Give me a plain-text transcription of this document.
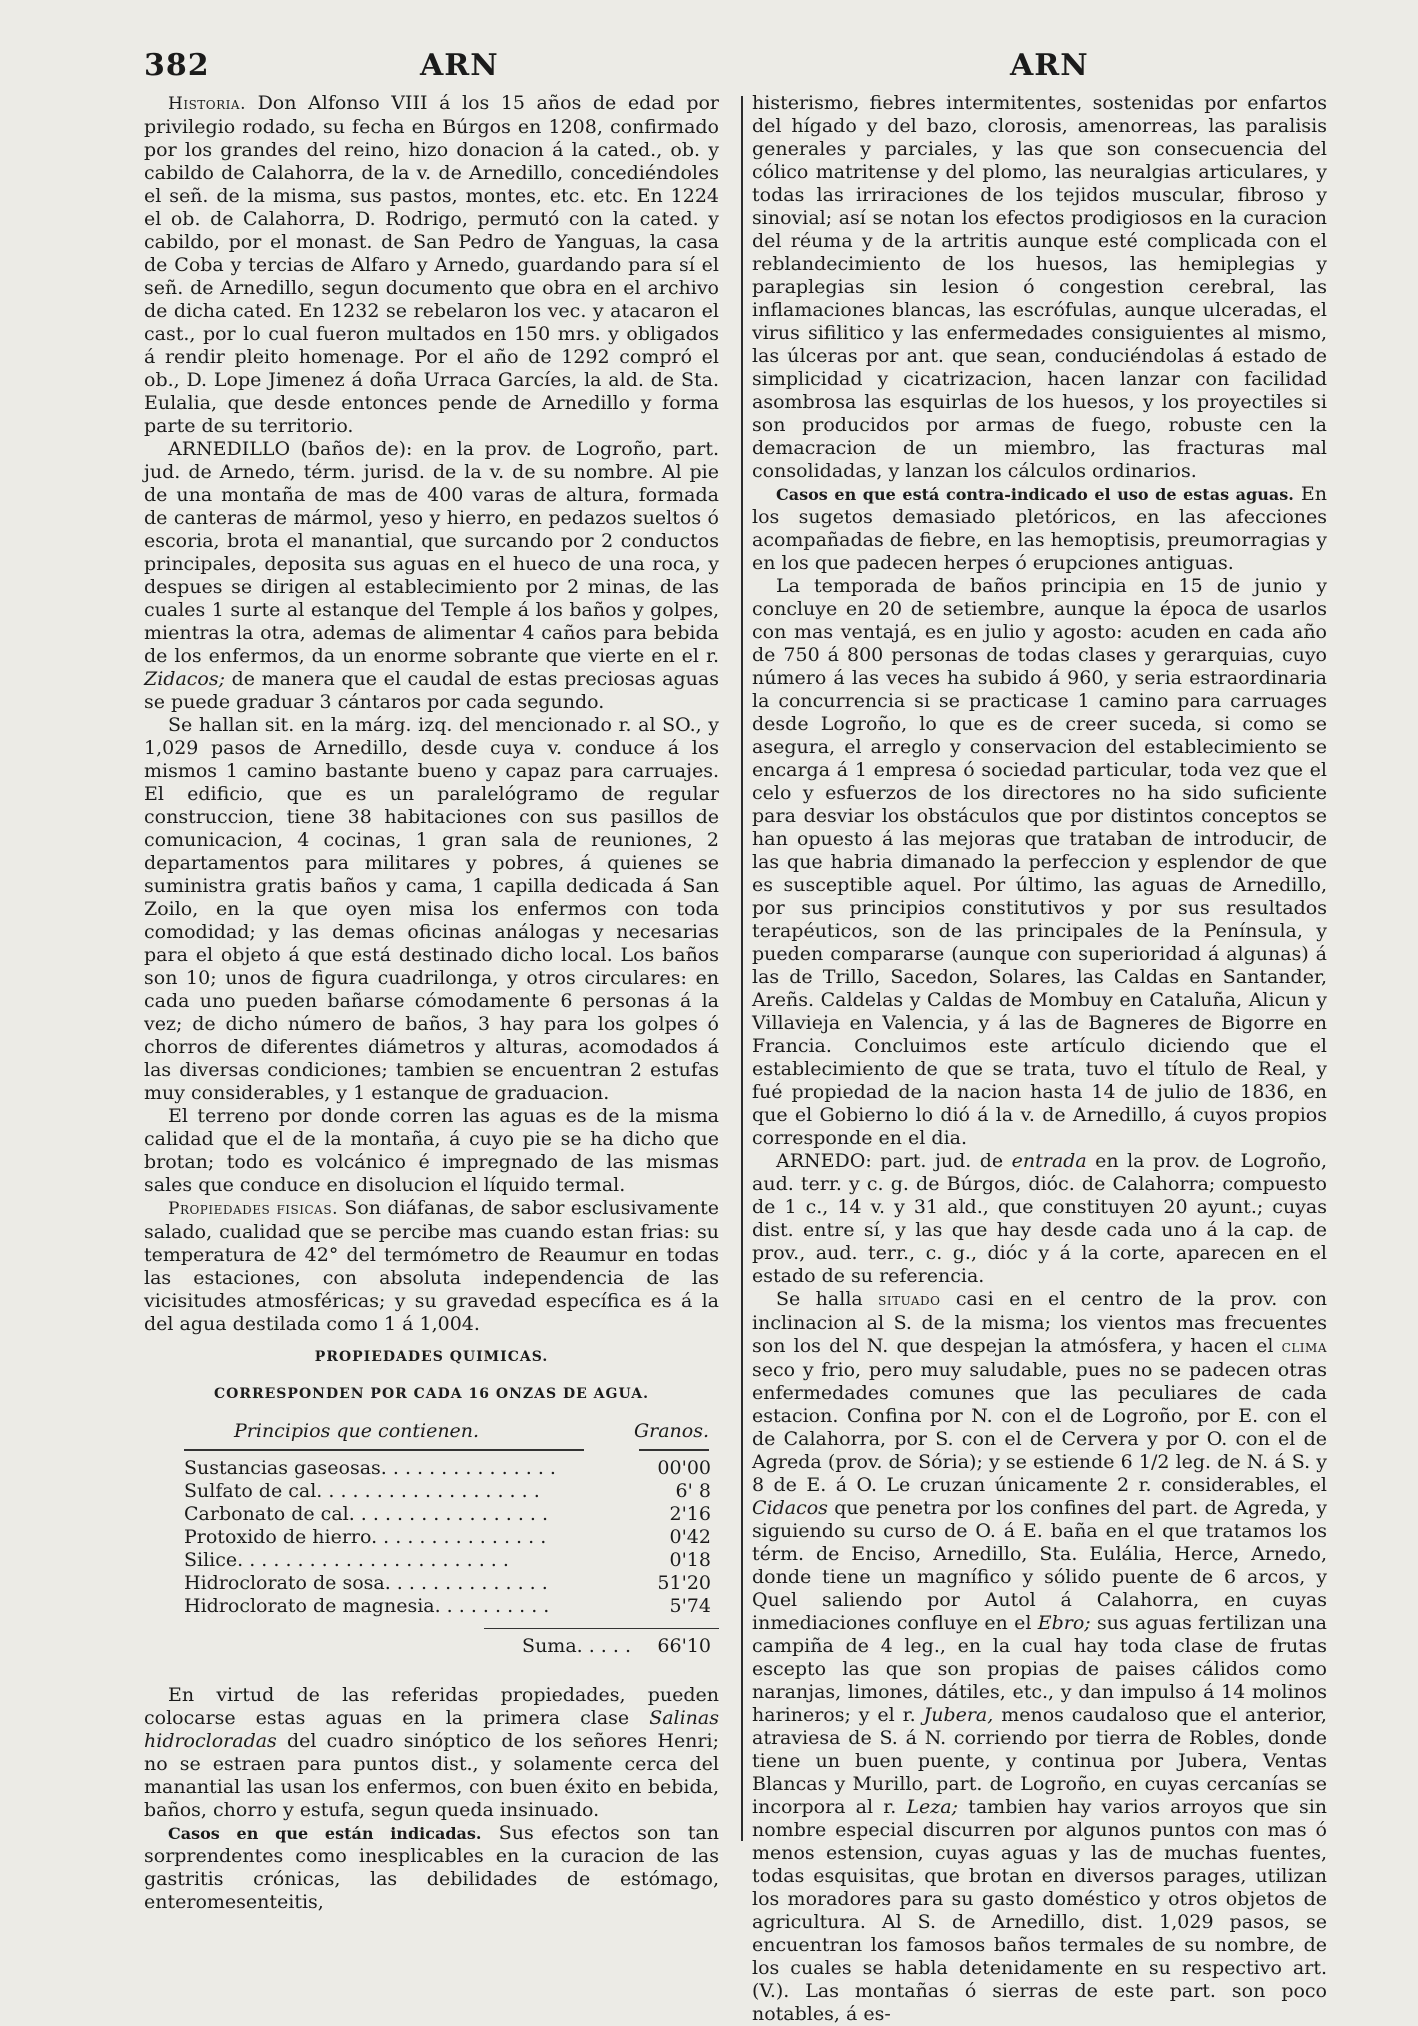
382	ARN	ARN

Historia. Don Alfonso VIII á los 15 años de edad por privilegio rodado, su fecha en Búrgos en 1208, confirmado por los grandes del reino, hizo donacion á la cated., ob. y cabildo de Calahorra, de la v. de Arnedillo, concediéndoles el señ. de la misma, sus pastos, montes, etc. etc. En 1224 el ob. de Calahorra, D. Rodrigo, permutó con la cated. y cabildo, por el monast. de San Pedro de Yanguas, la casa de Coba y tercias de Alfaro y Arnedo, guardando para sí el señ. de Arnedillo, segun documento que obra en el archivo de dicha cated. En 1232 se rebelaron los vec. y atacaron el cast., por lo cual fueron multados en 150 mrs. y obligados á rendir pleito homenage. Por el año de 1292 compró el ob., D. Lope Jimenez á doña Urraca Garcíes, la ald. de Sta. Eulalia, que desde entonces pende de Arnedillo y forma parte de su territorio.

ARNEDILLO (baños de): en la prov. de Logroño, part. jud. de Arnedo, térm. jurisd. de la v. de su nombre. Al pie de una montaña de mas de 400 varas de altura, formada de canteras de mármol, yeso y hierro, en pedazos sueltos ó escoria, brota el manantial, que surcando por 2 conductos principales, deposita sus aguas en el hueco de una roca, y despues se dirigen al establecimiento por 2 minas, de las cuales 1 surte al estanque del Temple á los baños y golpes, mientras la otra, ademas de alimentar 4 caños para bebida de los enfermos, da un enorme sobrante que vierte en el r. Zidacos; de manera que el caudal de estas preciosas aguas se puede graduar 3 cántaros por cada segundo.

Se hallan sit. en la márg. izq. del mencionado r. al SO., y 1,029 pasos de Arnedillo, desde cuya v. conduce á los mismos 1 camino bastante bueno y capaz para carruajes. El edificio, que es un paralelógramo de regular construccion, tiene 38 habitaciones con sus pasillos de comunicacion, 4 cocinas, 1 gran sala de reuniones, 2 departamentos para militares y pobres, á quienes se suministra gratis baños y cama, 1 capilla dedicada á San Zoilo, en la que oyen misa los enfermos con toda comodidad; y las demas oficinas análogas y necesarias para el objeto á que está destinado dicho local. Los baños son 10; unos de figura cuadrilonga, y otros circulares: en cada uno pueden bañarse cómodamente 6 personas á la vez; de dicho número de baños, 3 hay para los golpes ó chorros de diferentes diámetros y alturas, acomodados á las diversas condiciones; tambien se encuentran 2 estufas muy considerables, y 1 estanque de graduacion.

El terreno por donde corren las aguas es de la misma calidad que el de la montaña, á cuyo pie se ha dicho que brotan; todo es volcánico é impregnado de las mismas sales que conduce en disolucion el líquido termal.

Propiedades fisicas. Son diáfanas, de sabor esclusivamente salado, cualidad que se percibe mas cuando estan frias: su temperatura de 42° del termómetro de Reaumur en todas las estaciones, con absoluta independencia de las vicisitudes atmosféricas; y su gravedad específica es á la del agua destilada como 1 á 1,004.

PROPIEDADES QUIMICAS.
CORRESPONDEN POR CADA 16 ONZAS DE AGUA.
Principios que contienen.	Granos.
Sustancias gaseosas. . . . . . . . . . . . . . .	00'00
Sulfato de cal. . . . . . . . . . . . . . . . . . .	6' 8
Carbonato de cal. . . . . . . . . . . . . . . . .	2'16
Protoxido de hierro. . . . . . . . . . . . . . .	0'42
Silice. . . . . . . . . . . . . . . . . . . . . . .	0'18
Hidroclorato de sosa. . . . . . . . . . . . . .	51'20
Hidroclorato de magnesia. . . . . . . . . .	5'74
Suma. . . . .	66'10

En virtud de las referidas propiedades, pueden colocarse estas aguas en la primera clase Salinas hidrocloradas del cuadro sinóptico de los señores Henri; no se estraen para puntos dist., y solamente cerca del manantial las usan los enfermos, con buen éxito en bebida, baños, chorro y estufa, segun queda insinuado.

Casos en que están indicadas. Sus efectos son tan sorprendentes como inesplicables en la curacion de las gastritis crónicas, las debilidades de estómago, enteromesenteitis,

histerismo, fiebres intermitentes, sostenidas por enfartos del hígado y del bazo, clorosis, amenorreas, las paralisis generales y parciales, y las que son consecuencia del cólico matritense y del plomo, las neuralgias articulares, y todas las irriraciones de los tejidos muscular, fibroso y sinovial; así se notan los efectos prodigiosos en la curacion del réuma y de la artritis aunque esté complicada con el reblandecimiento de los huesos, las hemiplegias y paraplegias sin lesion ó congestion cerebral, las inflamaciones blancas, las escrófulas, aunque ulceradas, el virus sifilitico y las enfermedades consiguientes al mismo, las úlceras por ant. que sean, conduciéndolas á estado de simplicidad y cicatrizacion, hacen lanzar con facilidad asombrosa las esquirlas de los huesos, y los proyectiles si son producidos por armas de fuego, robuste cen la demacracion de un miembro, las fracturas mal consolidadas, y lanzan los cálculos ordinarios.

Casos en que está contra-indicado el uso de estas aguas. En los sugetos demasiado pletóricos, en las afecciones acompañadas de fiebre, en las hemoptisis, preumorragias y en los que padecen herpes ó erupciones antiguas.

La temporada de baños principia en 15 de junio y concluye en 20 de setiembre, aunque la época de usarlos con mas ventajá, es en julio y agosto: acuden en cada año de 750 á 800 personas de todas clases y gerarquias, cuyo número á las veces ha subido á 960, y seria estraordinaria la concurrencia si se practicase 1 camino para carruages desde Logroño, lo que es de creer suceda, si como se asegura, el arreglo y conservacion del establecimiento se encarga á 1 empresa ó sociedad particular, toda vez que el celo y esfuerzos de los directores no ha sido suficiente para desviar los obstáculos que por distintos conceptos se han opuesto á las mejoras que trataban de introducir, de las que habria dimanado la perfeccion y esplendor de que es susceptible aquel. Por último, las aguas de Arnedillo, por sus principios constitutivos y por sus resultados terapéuticos, son de las principales de la Península, y pueden compararse (aunque con superioridad á algunas) á las de Trillo, Sacedon, Solares, las Caldas en Santander, Areñs. Caldelas y Caldas de Mombuy en Cataluña, Alicun y Villavieja en Valencia, y á las de Bagneres de Bigorre en Francia. Concluimos este artículo diciendo que el establecimiento de que se trata, tuvo el título de Real, y fué propiedad de la nacion hasta 14 de julio de 1836, en que el Gobierno lo dió á la v. de Arnedillo, á cuyos propios corresponde en el dia.

ARNEDO: part. jud. de entrada en la prov. de Logroño, aud. terr. y c. g. de Búrgos, dióc. de Calahorra; compuesto de 1 c., 14 v. y 31 ald., que constituyen 20 ayunt.; cuyas dist. entre sí, y las que hay desde cada uno á la cap. de prov., aud. terr., c. g., dióc y á la corte, aparecen en el estado de su referencia.

Se halla situado casi en el centro de la prov. con inclinacion al S. de la misma; los vientos mas frecuentes son los del N. que despejan la atmósfera, y hacen el clima seco y frio, pero muy saludable, pues no se padecen otras enfermedades comunes que las peculiares de cada estacion. Confina por N. con el de Logroño, por E. con el de Calahorra, por S. con el de Cervera y por O. con el de Agreda (prov. de Sória); y se estiende 6 1/2 leg. de N. á S. y 8 de E. á O. Le cruzan únicamente 2 r. considerables, el Cidacos que penetra por los confines del part. de Agreda, y siguiendo su curso de O. á E. baña en el que tratamos los térm. de Enciso, Arnedillo, Sta. Eulália, Herce, Arnedo, donde tiene un magnífico y sólido puente de 6 arcos, y Quel saliendo por Autol á Calahorra, en cuyas inmediaciones confluye en el Ebro; sus aguas fertilizan una campiña de 4 leg., en la cual hay toda clase de frutas escepto las que son propias de paises cálidos como naranjas, limones, dátiles, etc., y dan impulso á 14 molinos harineros; y el r. Jubera, menos caudaloso que el anterior, atraviesa de S. á N. corriendo por tierra de Robles, donde tiene un buen puente, y continua por Jubera, Ventas Blancas y Murillo, part. de Logroño, en cuyas cercanías se incorpora al r. Leza; tambien hay varios arroyos que sin nombre especial discurren por algunos puntos con mas ó menos estension, cuyas aguas y las de muchas fuentes, todas esquisitas, que brotan en diversos parages, utilizan los moradores para su gasto doméstico y otros objetos de agricultura. Al S. de Arnedillo, dist. 1,029 pasos, se encuentran los famosos baños termales de su nombre, de los cuales se habla detenidamente en su respectivo art. (V.). Las montañas ó sierras de este part. son poco notables, á es-
